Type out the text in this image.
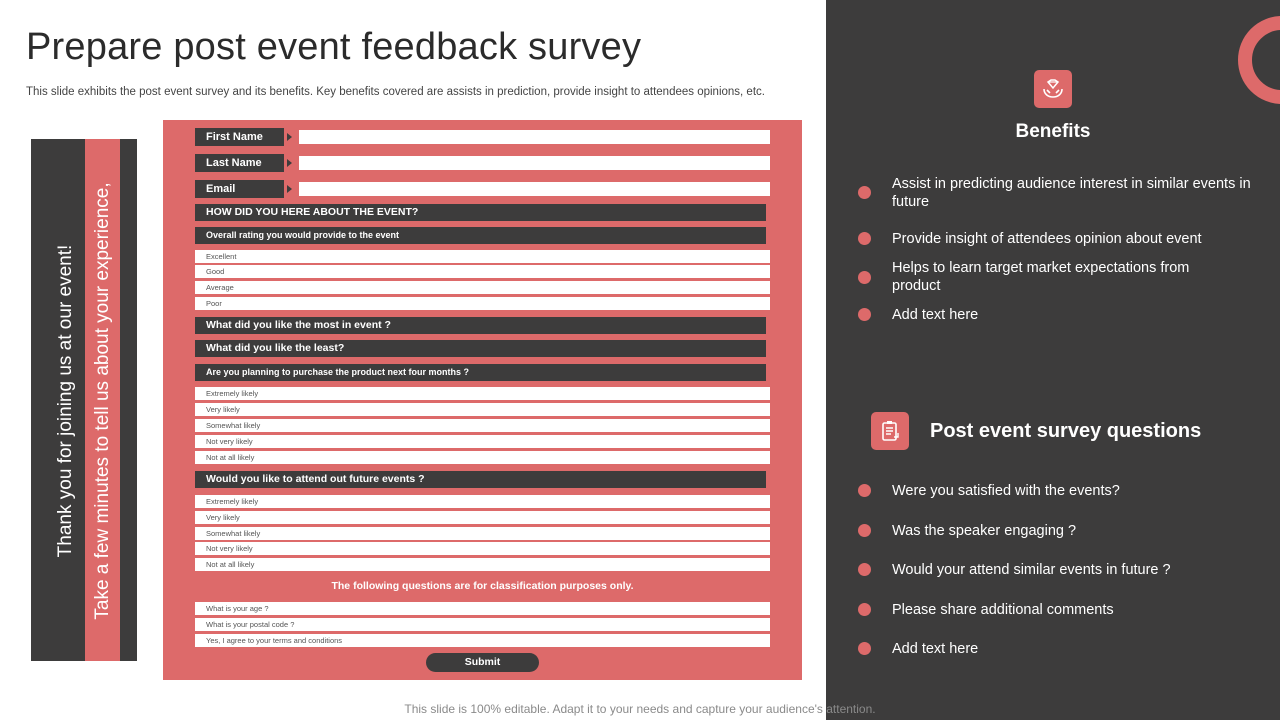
Prepare post event feedback survey

This slide exhibits the post event survey and its benefits. Key benefits covered are assists in prediction, provide insight to attendees opinions, etc.

Thank you for joining us at our event! Take a few minutes to tell us about your experience,
First Name
Last Name
Email
HOW DID YOU HERE ABOUT THE EVENT?
Overall rating you would provide to the event
Excellent
Good
Average
Poor
What did you like the most in event ?
What did you like the least?
Are you planning to purchase the product next four months ?
Extremely likely
Very likely
Somewhat likely
Not very likely
Not at all likely
Would you like to attend out future events ?
Extremely likely
Very likely
Somewhat likely
Not very likely
Not at all likely
The following questions are for classification purposes only.
What is your age ?
What is your postal code ?
Yes, I agree to your terms and conditions
Submit
Benefits
Assist in predicting audience interest in similar events in future
Provide insight of attendees opinion about event
Helps to learn target market expectations from product
Add text here
Post event survey questions
Were you satisfied with the events?
Was the speaker engaging ?
Would your attend similar events in future ?
Please share additional comments
Add text here
This slide is 100% editable. Adapt it to your needs and capture your audience's attention.
